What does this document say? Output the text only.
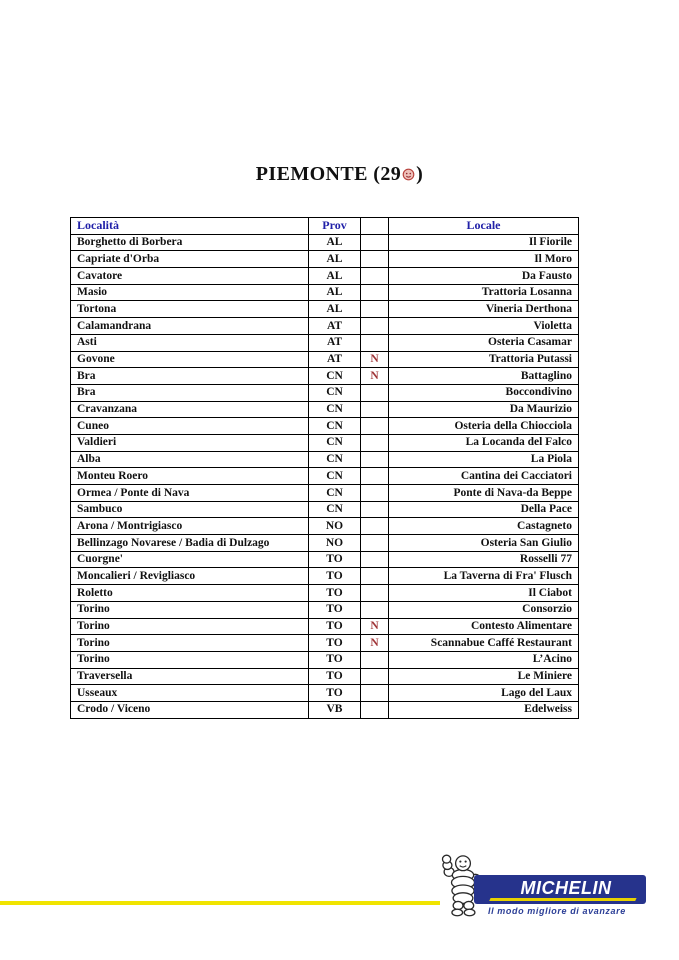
PIEMONTE (29 )
Località	Prov		Locale
Borghetto di Borbera	AL		Il Fiorile
Capriate d'Orba	AL		Il Moro
Cavatore	AL		Da Fausto
Masio	AL		Trattoria Losanna
Tortona	AL		Vineria Derthona
Calamandrana	AT		Violetta
Asti	AT		Osteria Casamar
Govone	AT	N	Trattoria Putassi
Bra	CN	N	Battaglino
Bra	CN		Boccondivino
Cravanzana	CN		Da Maurizio
Cuneo	CN		Osteria della Chiocciola
Valdieri	CN		La Locanda del Falco
Alba	CN		La Piola
Monteu Roero	CN		Cantina dei Cacciatori
Ormea / Ponte di Nava	CN		Ponte di Nava-da Beppe
Sambuco	CN		Della Pace
Arona / Montrigiasco	NO		Castagneto
Bellinzago Novarese / Badia di Dulzago	NO		Osteria San Giulio
Cuorgne'	TO		Rosselli 77
Moncalieri / Revigliasco	TO		La Taverna di Fra' Flusch
Roletto	TO		Il Ciabot
Torino	TO		Consorzio
Torino	TO	N	Contesto Alimentare
Torino	TO	N	Scannabue Caffé Restaurant
Torino	TO		L’Acino
Traversella	TO		Le Miniere
Usseaux	TO		Lago del Laux
Crodo / Viceno	VB		Edelweiss
MICHELIN
Il modo migliore di avanzare
